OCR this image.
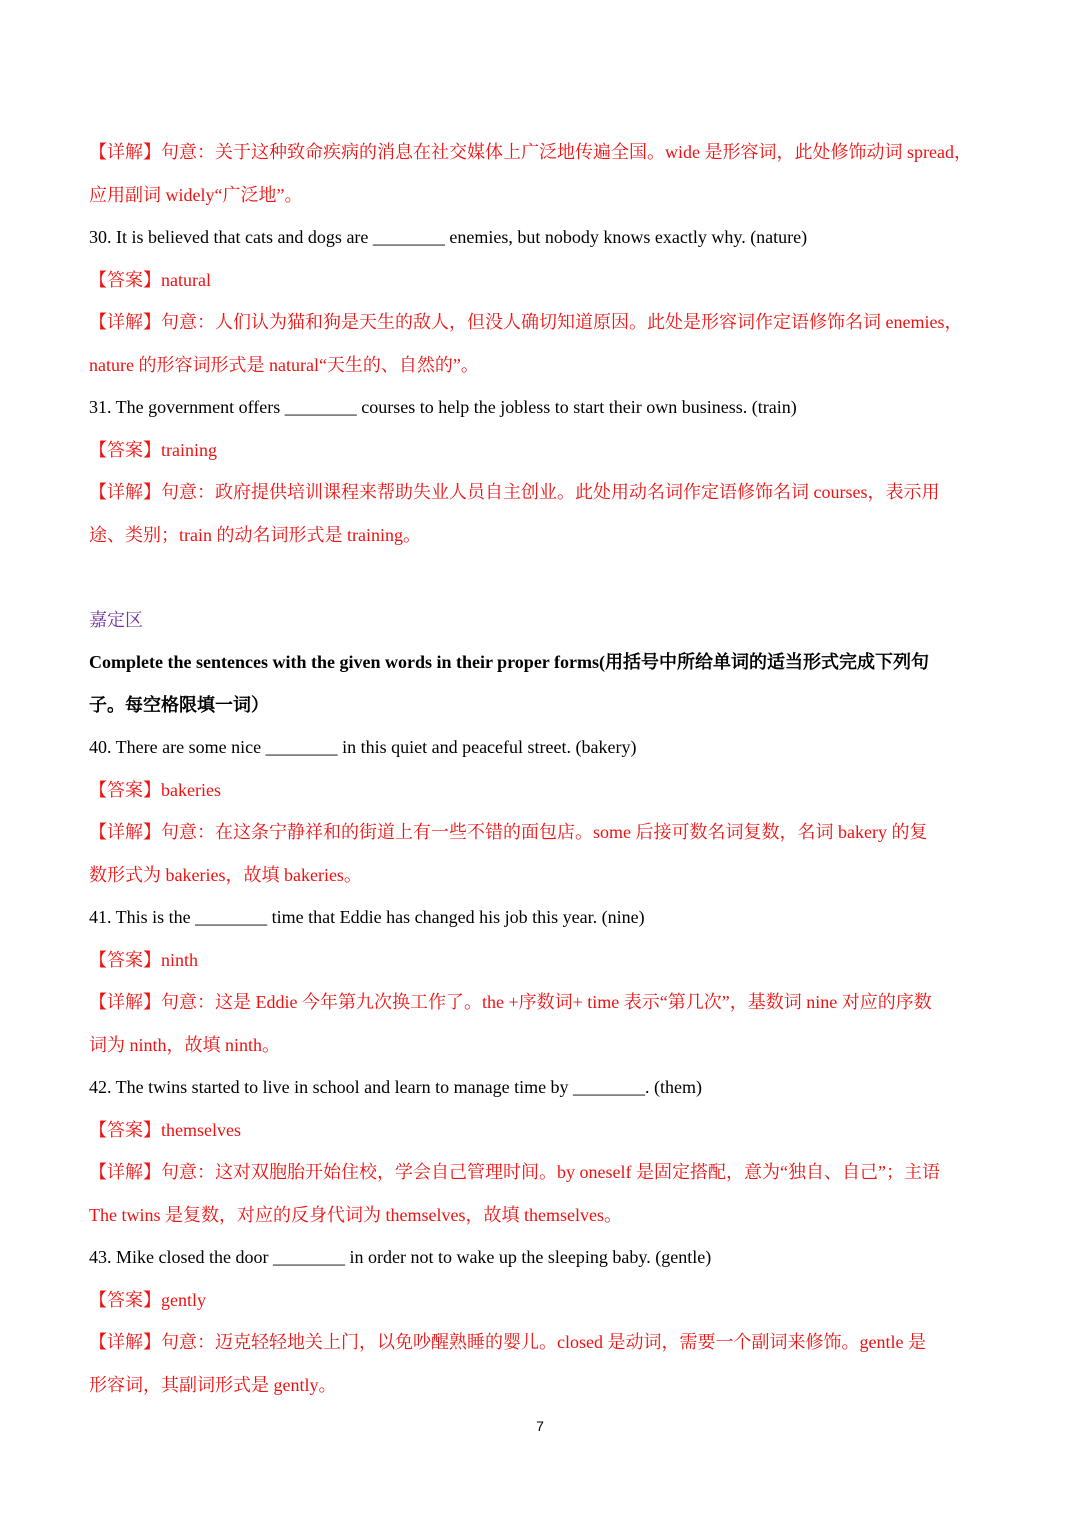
【详解】句意：关于这种致命疾病的消息在社交媒体上广泛地传遍全国。wide 是形容词，此处修饰动词 spread，
应用副词 widely“广泛地”。
30. It is believed that cats and dogs are ________ enemies, but nobody knows exactly why. (nature)
【答案】natural
【详解】句意：人们认为猫和狗是天生的敌人，但没人确切知道原因。此处是形容词作定语修饰名词 enemies，
nature 的形容词形式是 natural“天生的、自然的”。
31. The government offers ________ courses to help the jobless to start their own business. (train)
【答案】training
【详解】句意：政府提供培训课程来帮助失业人员自主创业。此处用动名词作定语修饰名词 courses，表示用
途、类别；train 的动名词形式是 training。
嘉定区
Complete the sentences with the given words in their proper forms(用括号中所给单词的适当形式完成下列句
子。每空格限填一词）
40. There are some nice ________ in this quiet and peaceful street. (bakery)
【答案】bakeries
【详解】句意：在这条宁静祥和的街道上有一些不错的面包店。some 后接可数名词复数，名词 bakery 的复
数形式为 bakeries，故填 bakeries。
41. This is the ________ time that Eddie has changed his job this year. (nine)
【答案】ninth
【详解】句意：这是 Eddie 今年第九次换工作了。the +序数词+ time 表示“第几次”，基数词 nine 对应的序数
词为 ninth，故填 ninth。
42. The twins started to live in school and learn to manage time by ________. (them)
【答案】themselves
【详解】句意：这对双胞胎开始住校，学会自己管理时间。by oneself 是固定搭配，意为“独自、自己”；主语
The twins 是复数，对应的反身代词为 themselves，故填 themselves。
43. Mike closed the door ________ in order not to wake up the sleeping baby. (gentle)
【答案】gently
【详解】句意：迈克轻轻地关上门，以免吵醒熟睡的婴儿。closed 是动词，需要一个副词来修饰。gentle 是
形容词，其副词形式是 gently。
7
